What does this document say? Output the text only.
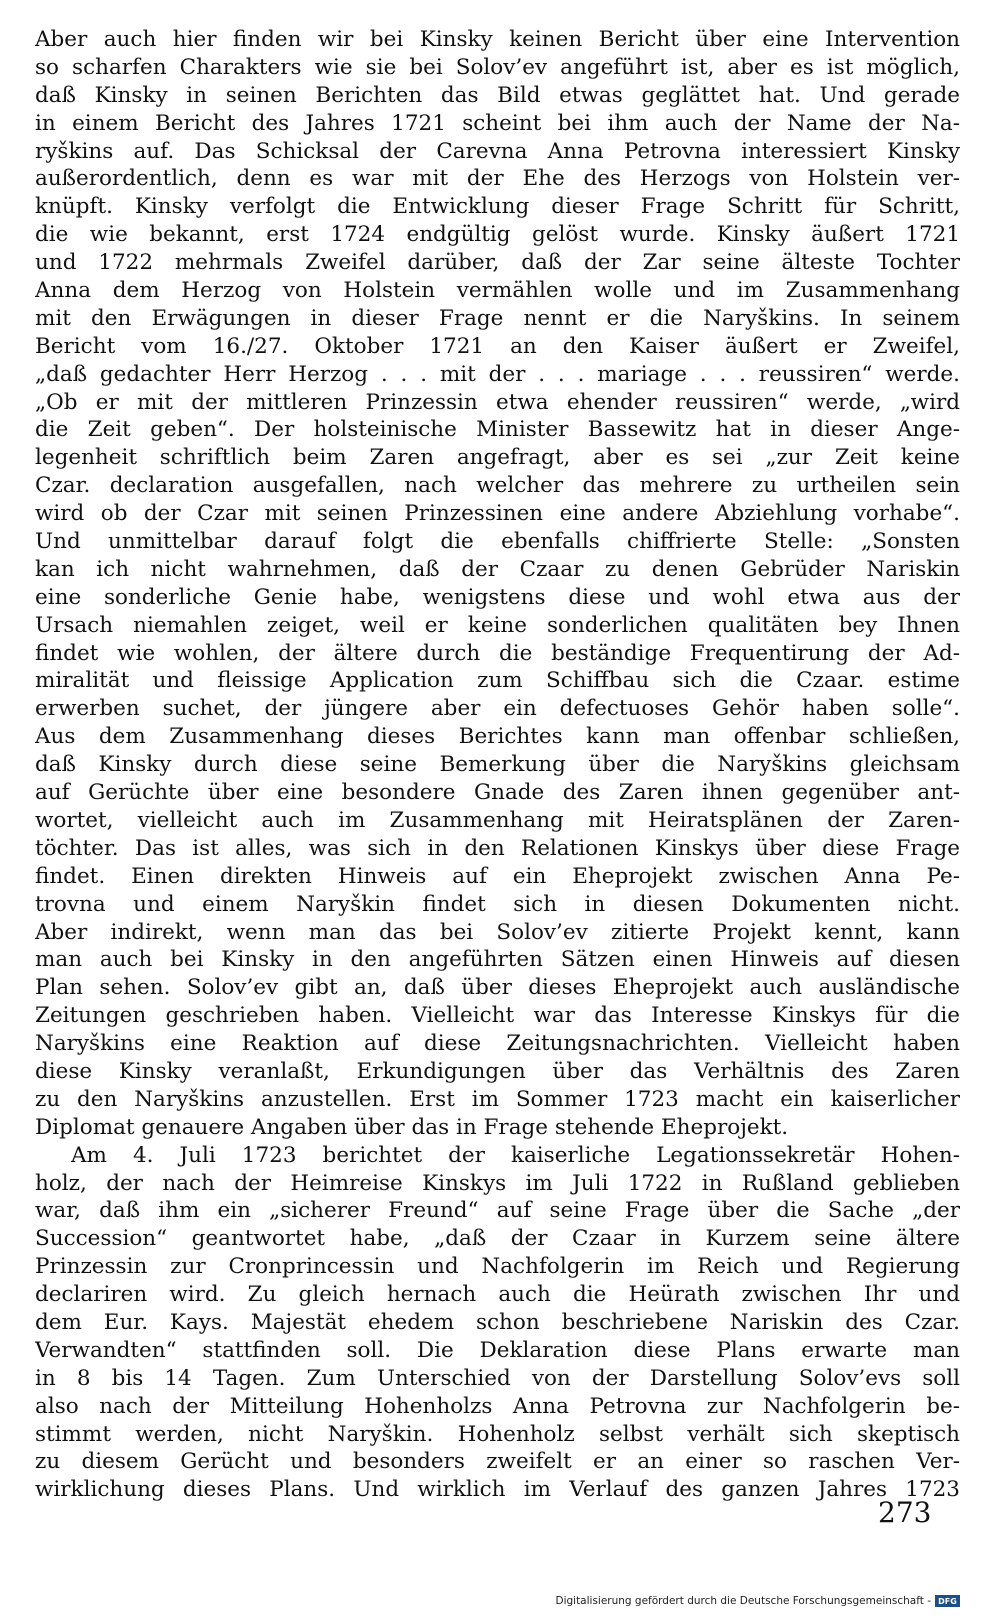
Aber auch hier finden wir bei Kinsky keinen Bericht über eine Intervention
so scharfen Charakters wie sie bei Solov’ev angeführt ist, aber es ist möglich,
daß Kinsky in seinen Berichten das Bild etwas geglättet hat. Und gerade
in einem Bericht des Jahres 1721 scheint bei ihm auch der Name der Na-
ryškins auf. Das Schicksal der Carevna Anna Petrovna interessiert Kinsky
außerordentlich, denn es war mit der Ehe des Herzogs von Holstein ver-
knüpft. Kinsky verfolgt die Entwicklung dieser Frage Schritt für Schritt,
die wie bekannt, erst 1724 endgültig gelöst wurde. Kinsky äußert 1721
und 1722 mehrmals Zweifel darüber, daß der Zar seine älteste Tochter
Anna dem Herzog von Holstein vermählen wolle und im Zusammenhang
mit den Erwägungen in dieser Frage nennt er die Naryškins. In seinem
Bericht vom 16./27. Oktober 1721 an den Kaiser äußert er Zweifel,
„daß gedachter Herr Herzog . . . mit der . . . mariage . . . reussiren“ werde.
„Ob er mit der mittleren Prinzessin etwa ehender reussiren“ werde, „wird
die Zeit geben“. Der holsteinische Minister Bassewitz hat in dieser Ange-
legenheit schriftlich beim Zaren angefragt, aber es sei „zur Zeit keine
Czar. declaration ausgefallen, nach welcher das mehrere zu urtheilen sein
wird ob der Czar mit seinen Prinzessinen eine andere Abziehlung vorhabe“.
Und unmittelbar darauf folgt die ebenfalls chiffrierte Stelle: „Sonsten
kan ich nicht wahrnehmen, daß der Czaar zu denen Gebrüder Nariskin
eine sonderliche Genie habe, wenigstens diese und wohl etwa aus der
Ursach niemahlen zeiget, weil er keine sonderlichen qualitäten bey Ihnen
findet wie wohlen, der ältere durch die beständige Frequentirung der Ad-
miralität und fleissige Application zum Schiffbau sich die Czaar. estime
erwerben suchet, der jüngere aber ein defectuoses Gehör haben solle“.
Aus dem Zusammenhang dieses Berichtes kann man offenbar schließen,
daß Kinsky durch diese seine Bemerkung über die Naryškins gleichsam
auf Gerüchte über eine besondere Gnade des Zaren ihnen gegenüber ant-
wortet, vielleicht auch im Zusammenhang mit Heiratsplänen der Zaren-
töchter. Das ist alles, was sich in den Relationen Kinskys über diese Frage
findet. Einen direkten Hinweis auf ein Eheprojekt zwischen Anna Pe-
trovna und einem Naryškin findet sich in diesen Dokumenten nicht.
Aber indirekt, wenn man das bei Solov’ev zitierte Projekt kennt, kann
man auch bei Kinsky in den angeführten Sätzen einen Hinweis auf diesen
Plan sehen. Solov’ev gibt an, daß über dieses Eheprojekt auch ausländische
Zeitungen geschrieben haben. Vielleicht war das Interesse Kinskys für die
Naryškins eine Reaktion auf diese Zeitungsnachrichten. Vielleicht haben
diese Kinsky veranlaßt, Erkundigungen über das Verhältnis des Zaren
zu den Naryškins anzustellen. Erst im Sommer 1723 macht ein kaiserlicher
Diplomat genauere Angaben über das in Frage stehende Eheprojekt.
Am 4. Juli 1723 berichtet der kaiserliche Legationssekretär Hohen-
holz, der nach der Heimreise Kinskys im Juli 1722 in Rußland geblieben
war, daß ihm ein „sicherer Freund“ auf seine Frage über die Sache „der
Succession“ geantwortet habe, „daß der Czaar in Kurzem seine ältere
Prinzessin zur Cronprincessin und Nachfolgerin im Reich und Regierung
declariren wird. Zu gleich hernach auch die Heürath zwischen Ihr und
dem Eur. Kays. Majestät ehedem schon beschriebene Nariskin des Czar.
Verwandten“ stattfinden soll. Die Deklaration diese Plans erwarte man
in 8 bis 14 Tagen. Zum Unterschied von der Darstellung Solov’evs soll
also nach der Mitteilung Hohenholzs Anna Petrovna zur Nachfolgerin be-
stimmt werden, nicht Naryškin. Hohenholz selbst verhält sich skeptisch
zu diesem Gerücht und besonders zweifelt er an einer so raschen Ver-
wirklichung dieses Plans. Und wirklich im Verlauf des ganzen Jahres 1723
273
Digitalisierung gefördert durch die Deutsche Forschungsgemeinschaft - DFG
